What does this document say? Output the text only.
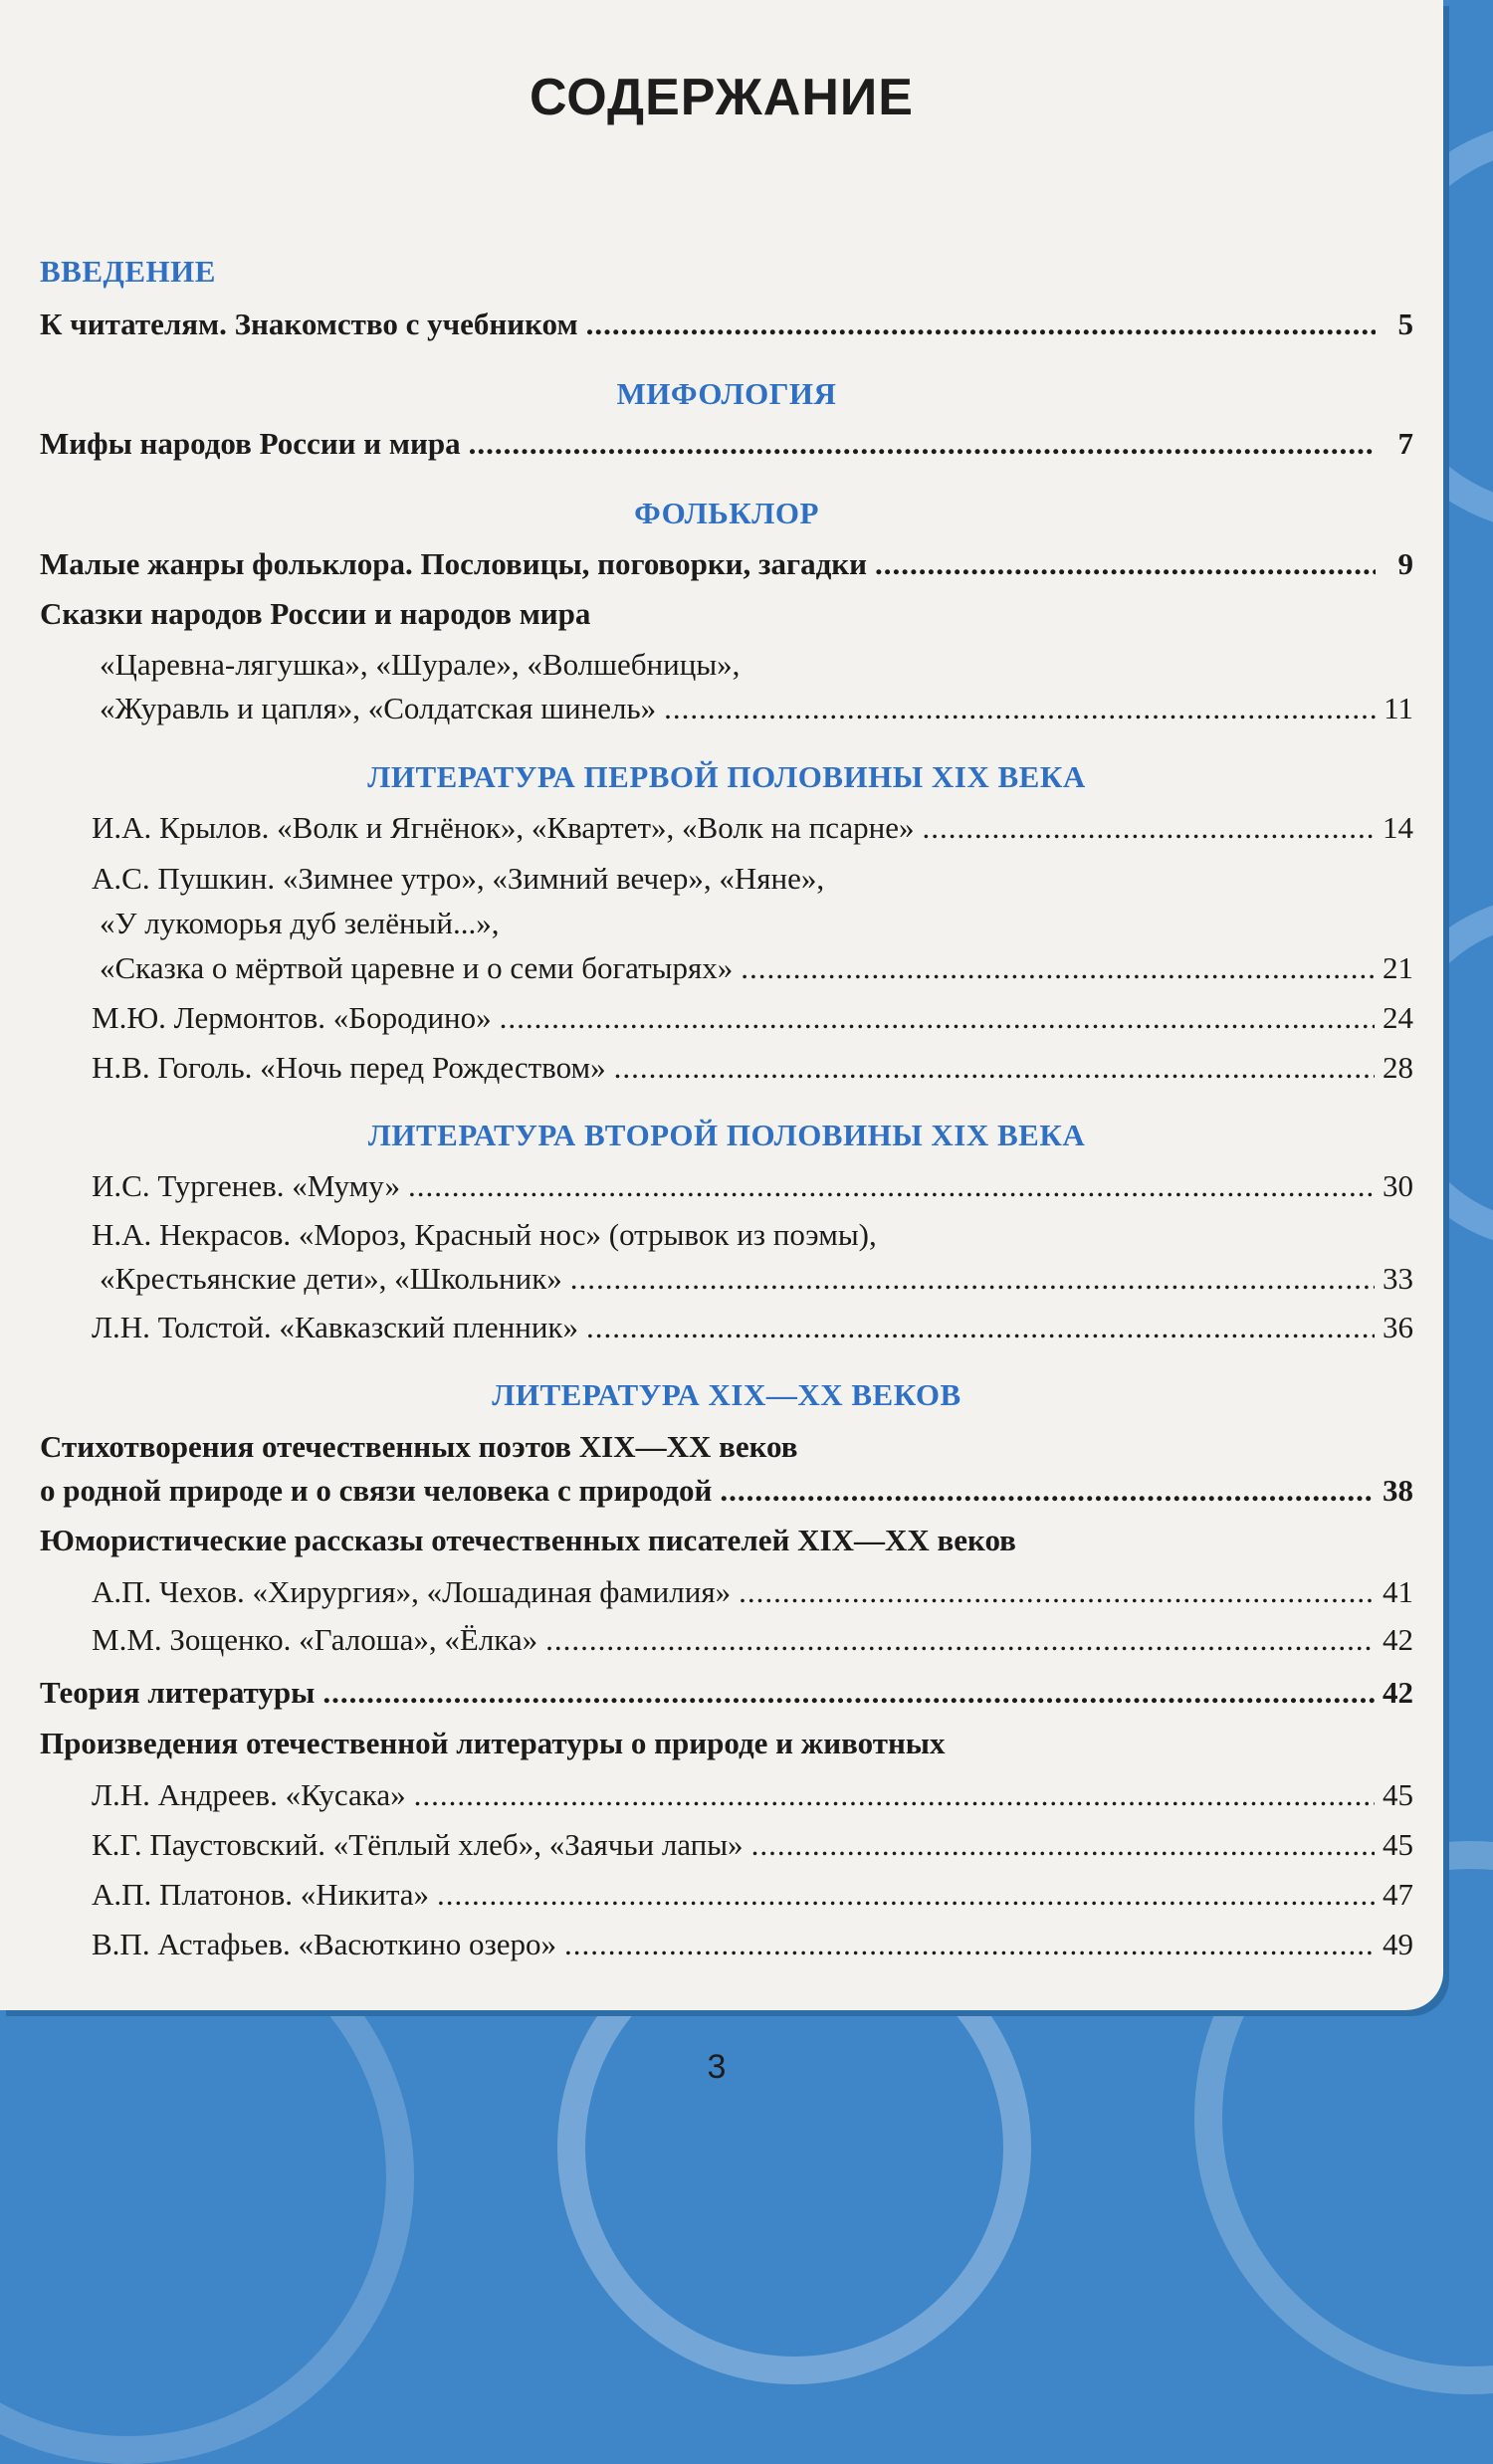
СОДЕРЖАНИЕ
ВВЕДЕНИЕ
К читателям. Знакомство с учебником .....	5
МИФОЛОГИЯ
Мифы народов России и мира .....	7
ФОЛЬКЛОР
Малые жанры фольклора. Пословицы, поговорки, загадки .....	9
Сказки народов России и народов мира
«Царевна-лягушка», «Шурале», «Волшебницы»,
«Журавль и цапля», «Солдатская шинель» .....	11
ЛИТЕРАТУРА ПЕРВОЙ ПОЛОВИНЫ XIX ВЕКА
И.А. Крылов. «Волк и Ягнёнок», «Квартет», «Волк на псарне» .....	14
А.С. Пушкин. «Зимнее утро», «Зимний вечер», «Няне»,
«У лукоморья дуб зелёный...»,
«Сказка о мёртвой царевне и о семи богатырях» .....	21
М.Ю. Лермонтов. «Бородино» .....	24
Н.В. Гоголь. «Ночь перед Рождеством» .....	28
ЛИТЕРАТУРА ВТОРОЙ ПОЛОВИНЫ XIX ВЕКА
И.С. Тургенев. «Муму» .....	30
Н.А. Некрасов. «Мороз, Красный нос» (отрывок из поэмы),
«Крестьянские дети», «Школьник» .....	33
Л.Н. Толстой. «Кавказский пленник» .....	36
ЛИТЕРАТУРА XIX—XX ВЕКОВ
Стихотворения отечественных поэтов XIX—XX веков
о родной природе и о связи человека с природой .....	38
Юмористические рассказы отечественных писателей XIX—XX веков
А.П. Чехов. «Хирургия», «Лошадиная фамилия» .....	41
М.М. Зощенко. «Галоша», «Ёлка» .....	42
Теория литературы .....	42
Произведения отечественной литературы о природе и животных
Л.Н. Андреев. «Кусака» .....	45
К.Г. Паустовский. «Тёплый хлеб», «Заячьи лапы» .....	45
А.П. Платонов. «Никита» .....	47
В.П. Астафьев. «Васюткино озеро» .....	49
3
